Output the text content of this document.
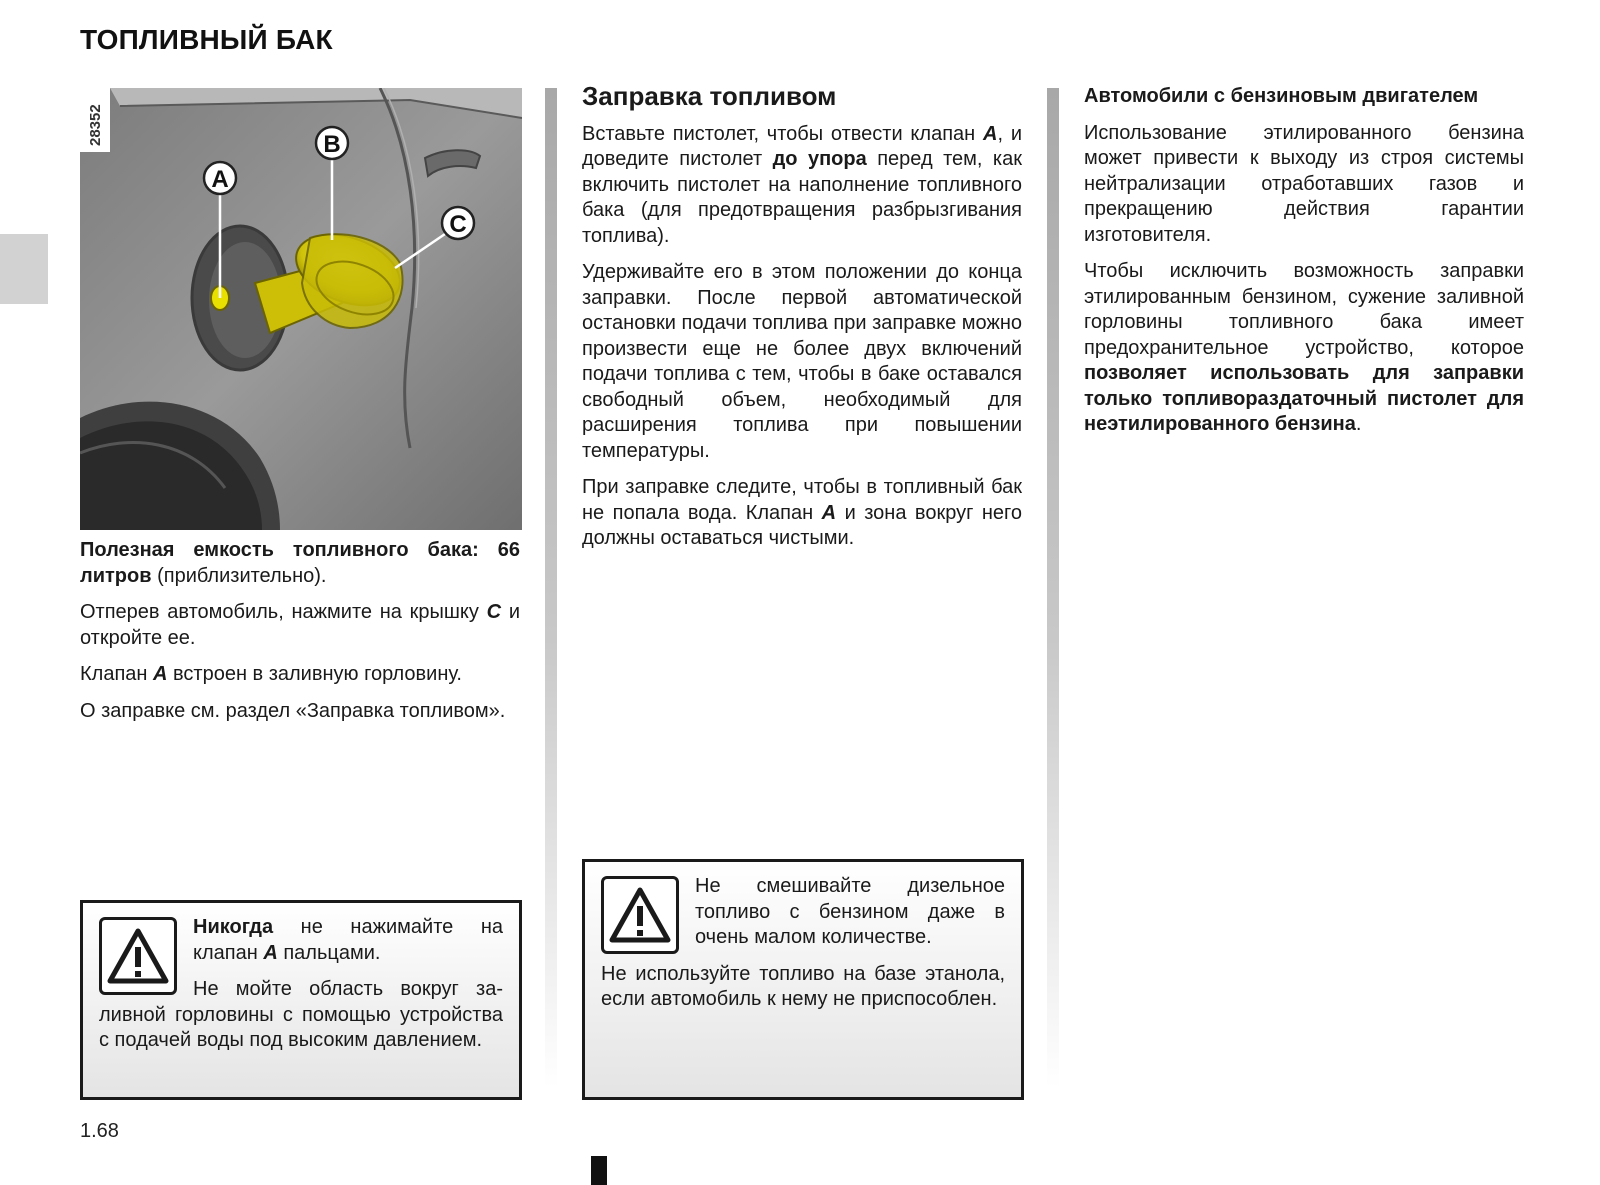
ТОПЛИВНЫЙ БАК
28352
A
B
C

Полезная емкость топливного бака: 66 литров (приблизительно).

Отперев автомобиль, нажмите на крышку C и откройте ее.

Клапан A встроен в заливную горловину.

О заправке см. раздел «Заправка топливом».

Заправка топливом

Вставьте пистолет, чтобы отвести клапан A, и доведите пистолет до упора перед тем, как включить пистолет на наполнение топливного бака (для предотвращения разбрызгивания топлива).

Удерживайте его в этом положении до конца заправки. После первой автоматической остановки подачи топлива при заправке можно произвести еще не более двух включений подачи топлива с тем, чтобы в баке оставался свободный объем, необходимый для расширения топлива при повышении температуры.

При заправке следите, чтобы в топливный бак не попала вода. Клапан A и зона вокруг него должны оставаться чистыми.

Автомобили с бензиновым двигателем

Использование этилированного бензина может привести к выходу из строя системы нейтрализации отработавших газов и прекращению действия гарантии изготовителя.

Чтобы исключить возможность заправки этилированным бензином, сужение заливной горловины топливного бака имеет предохранительное устройство, которое позволяет использовать для заправки только топливораздаточный пистолет для неэтилированного бензина.

Никогда не нажимайте на клапан A пальцами.

Не мойте область вокруг заливной горловины с помощью устройства с подачей воды под высоким давлением.

Не смешивайте дизельное топливо с бензином даже в очень малом количестве.

Не используйте топливо на базе этанола, если автомобиль к нему не приспособлен.

1.68
